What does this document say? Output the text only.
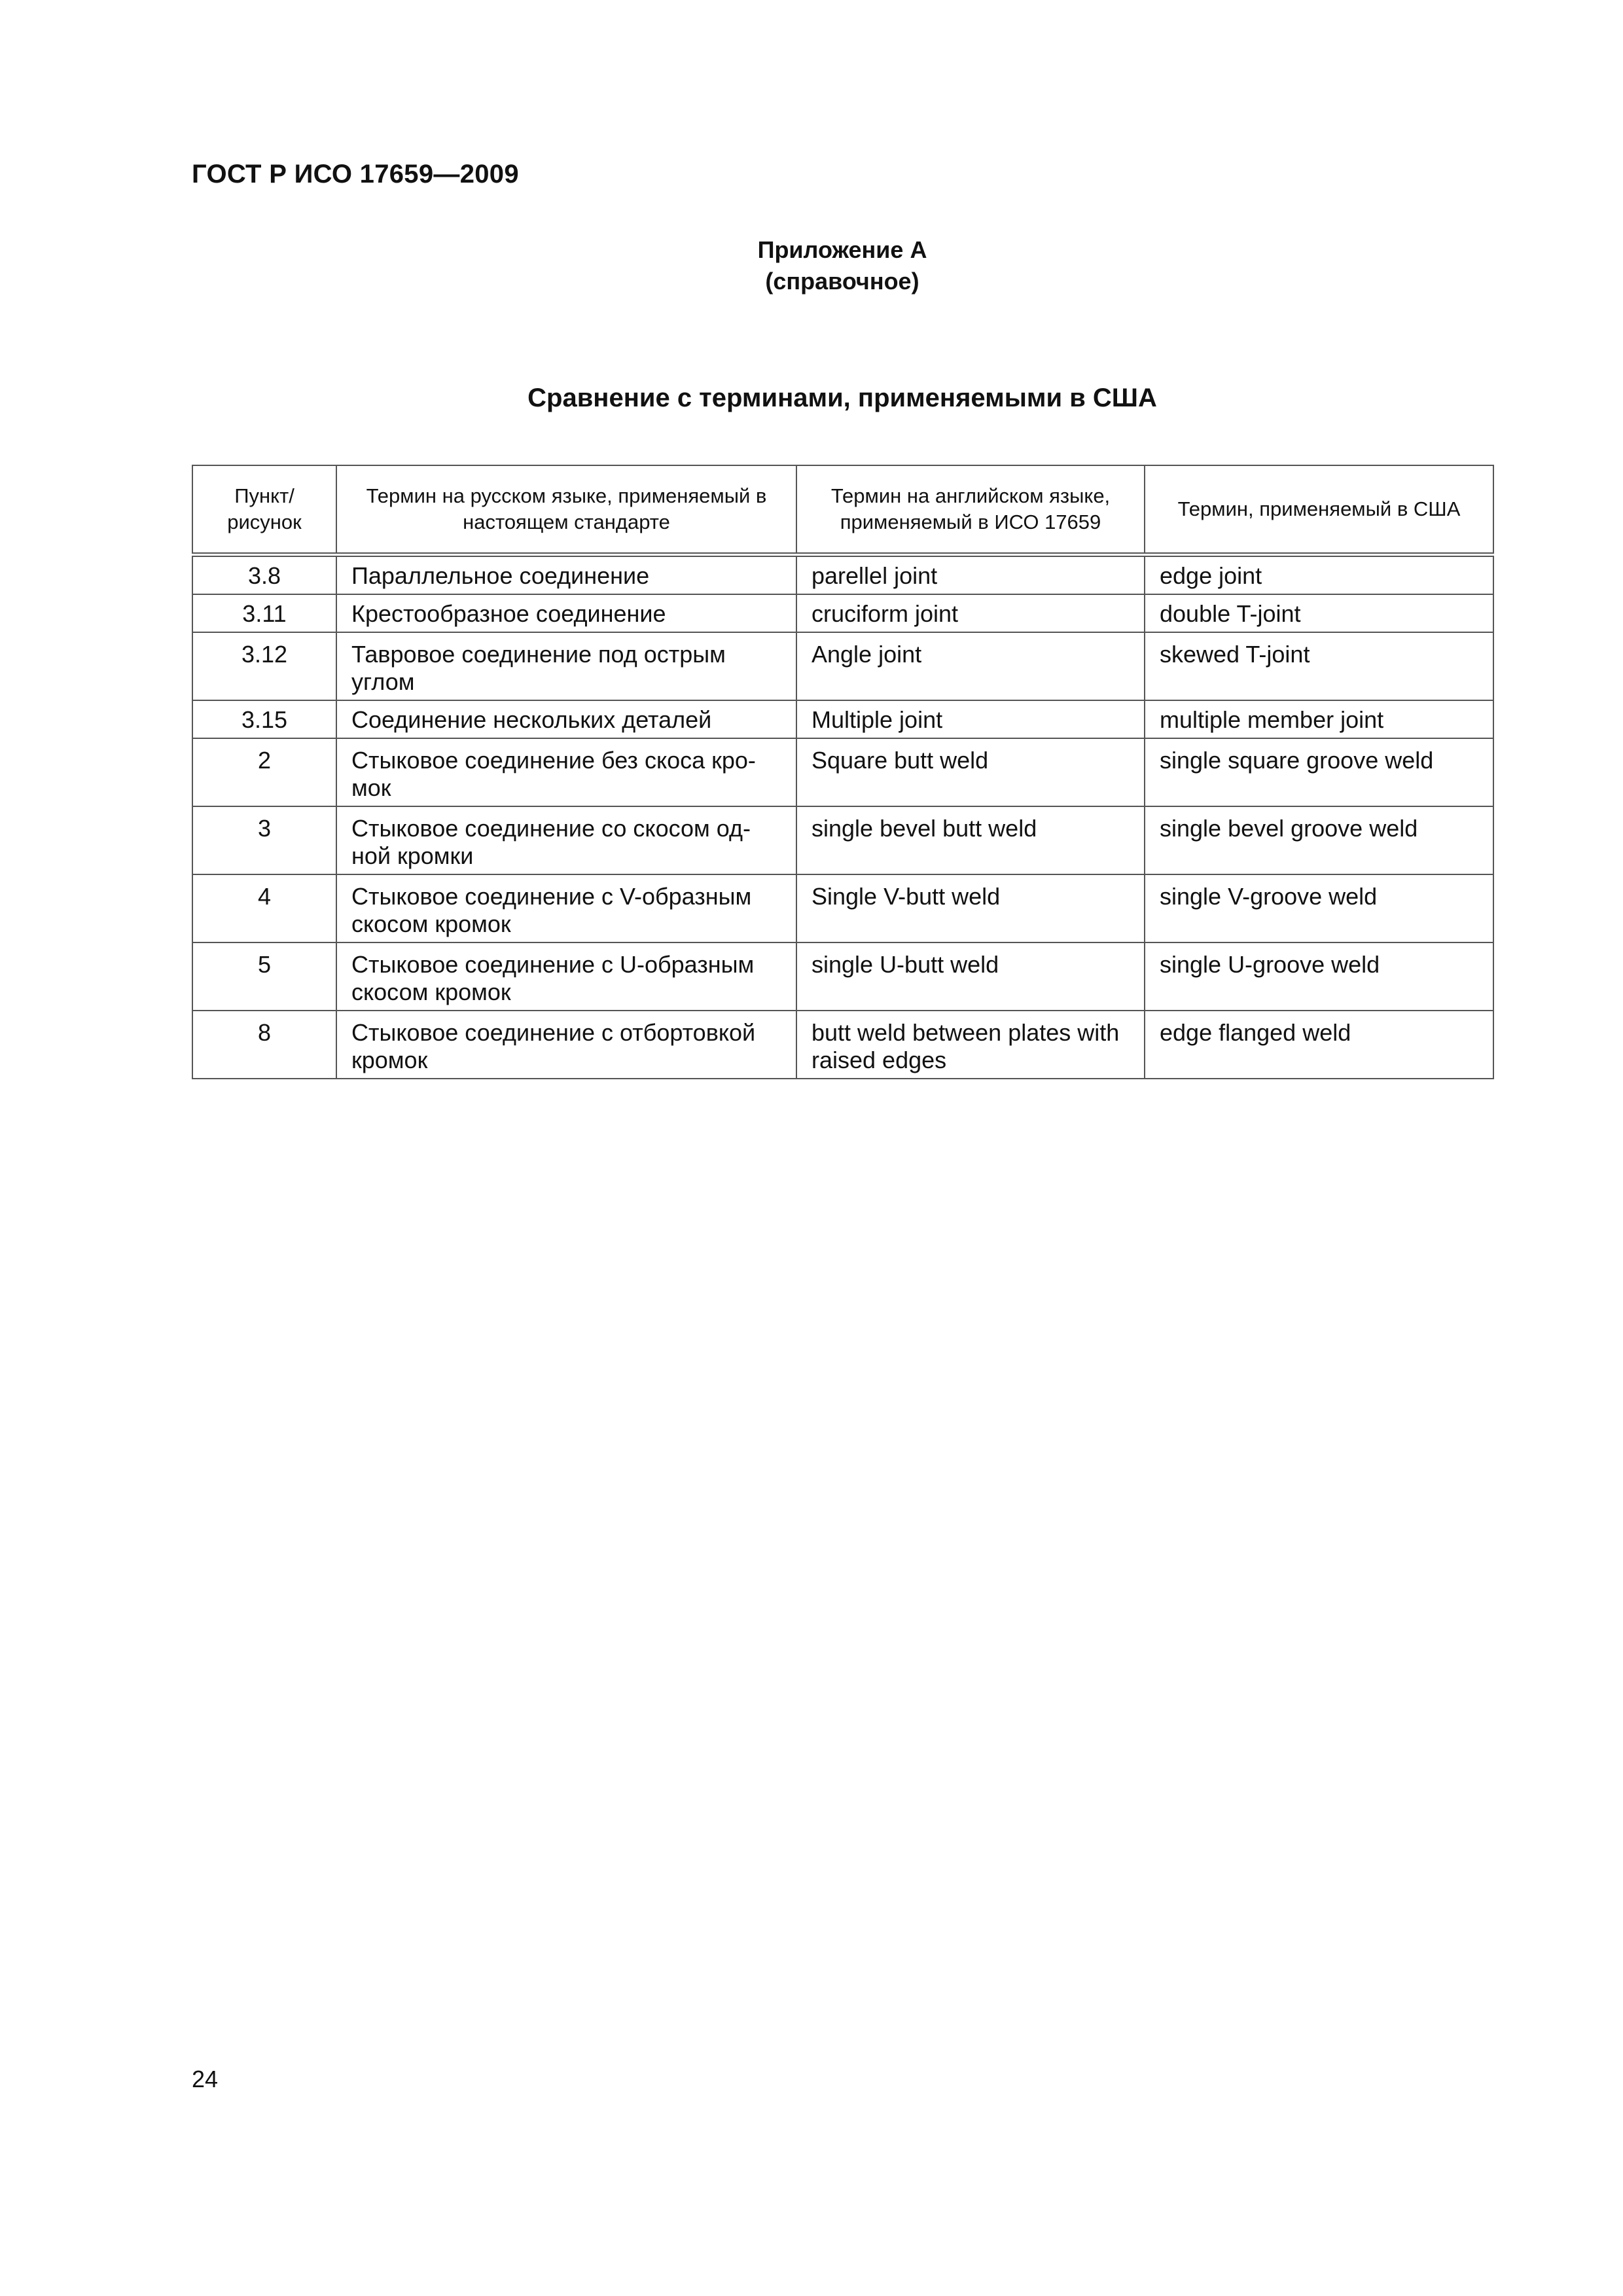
ГОСТ Р ИСО 17659—2009
Приложение А
(справочное)
Сравнение с терминами, применяемыми в США
Пункт/ рисунок	Термин на русском языке, применяемый в настоящем стандарте	Термин на английском языке, применяемый в ИСО 17659	Термин, применяемый в США
3.8	Параллельное соединение	parellel joint	edge joint
3.11	Крестообразное соединение	cruciform joint	double T-joint
3.12	Тавровое соединение под острым углом	Angle joint	skewed T-joint
3.15	Соединение нескольких деталей	Multiple joint	multiple member joint
2	Стыковое соединение без скоса кро-мок	Square butt weld	single square groove weld
3	Стыковое соединение со скосом од-ной кромки	single bevel butt weld	single bevel groove weld
4	Стыковое соединение с V-образным скосом кромок	Single V-butt weld	single V-groove weld
5	Стыковое соединение с U-образным скосом кромок	single U-butt weld	single U-groove weld
8	Стыковое соединение с отбортовкой кромок	butt weld between plates with raised edges	edge flanged weld
24
